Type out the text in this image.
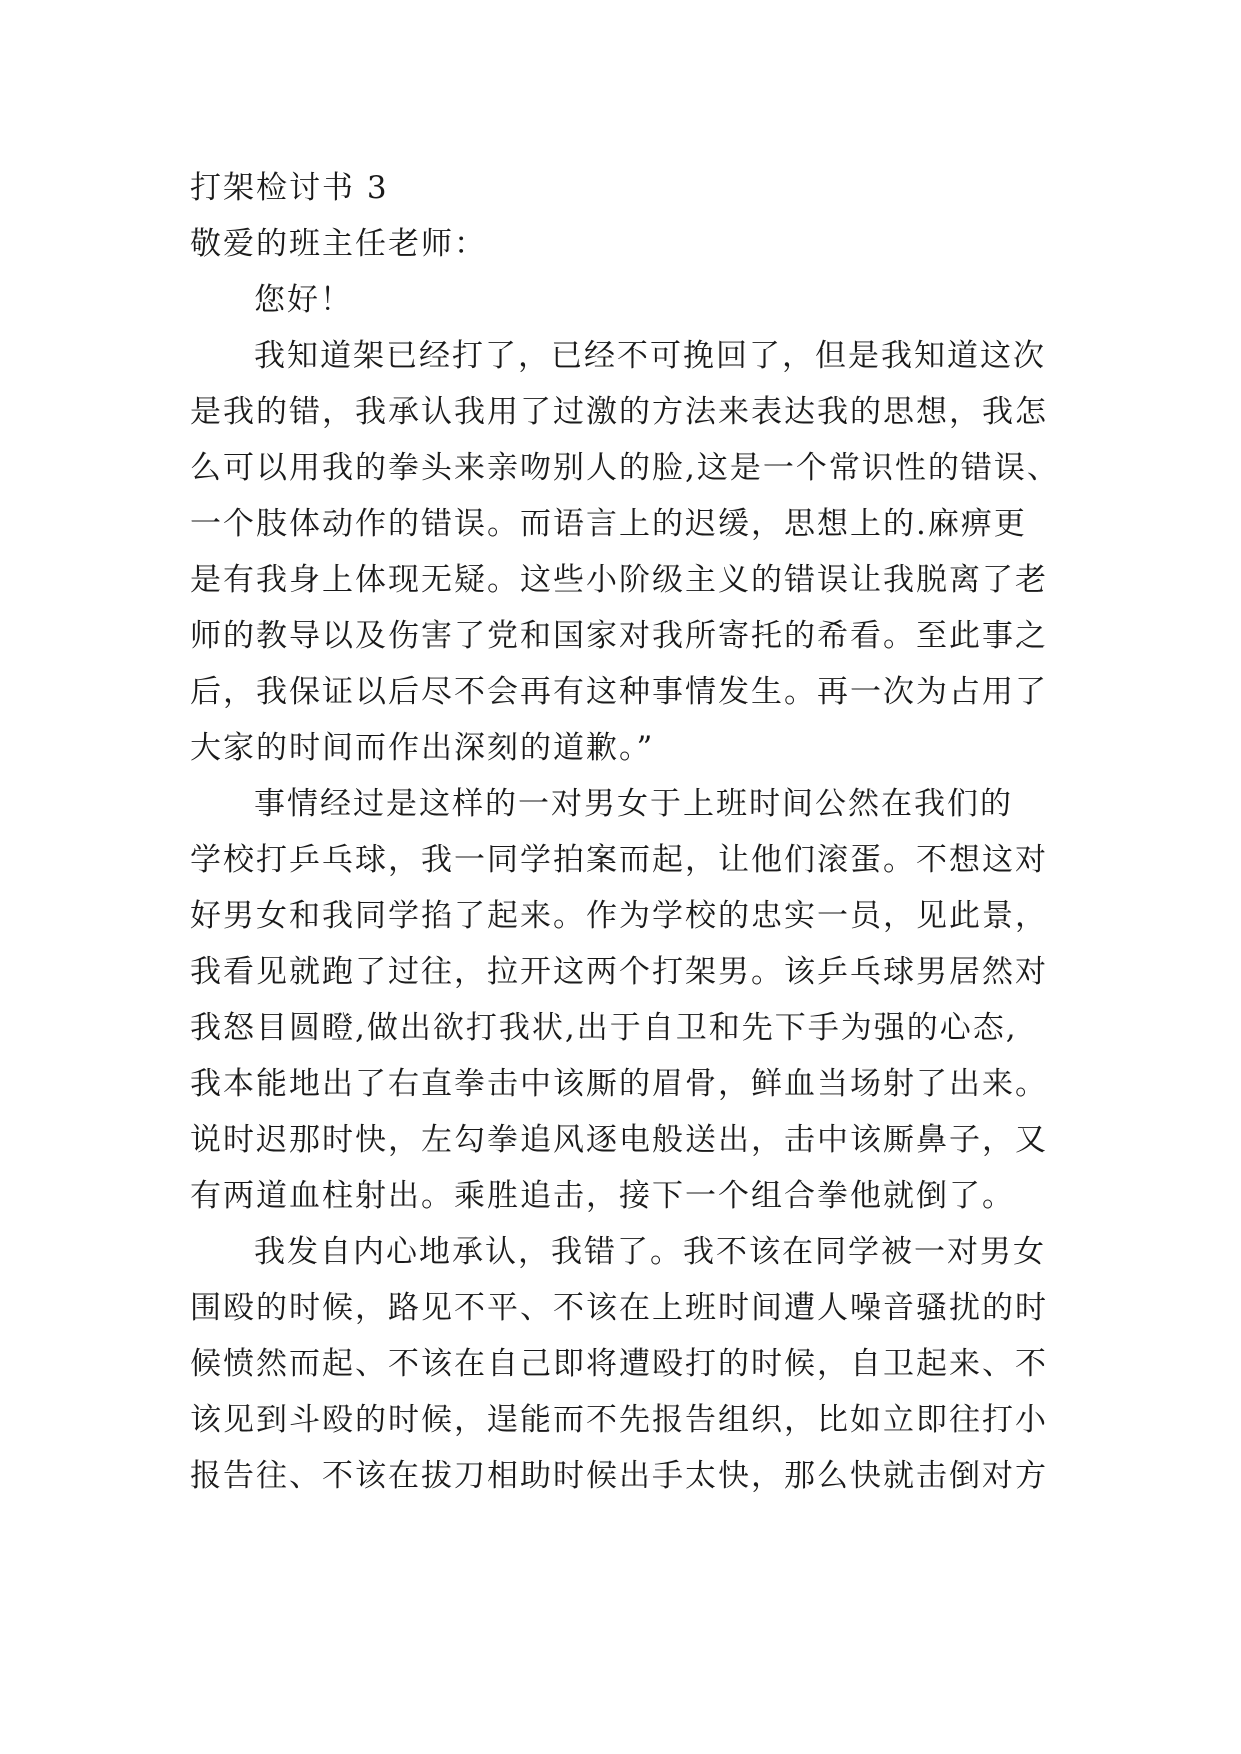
打架检讨书 3
敬爱的班主任老师：
您好！
我知道架已经打了，已经不可挽回了，但是我知道这次
是我的错，我承认我用了过激的方法来表达我的思想，我怎
么可以用我的拳头来亲吻别人的脸,这是一个常识性的错误、
一个肢体动作的错误。而语言上的迟缓，思想上的.麻痹更
是有我身上体现无疑。这些小阶级主义的错误让我脱离了老
师的教导以及伤害了党和国家对我所寄托的希看。至此事之
后，我保证以后尽不会再有这种事情发生。再一次为占用了
大家的时间而作出深刻的道歉。”
事情经过是这样的一对男女于上班时间公然在我们的
学校打乒乓球，我一同学拍案而起，让他们滚蛋。不想这对
好男女和我同学掐了起来。作为学校的忠实一员，见此景，
我看见就跑了过往，拉开这两个打架男。该乒乓球男居然对
我怒目圆瞪,做出欲打我状,出于自卫和先下手为强的心态,
我本能地出了右直拳击中该厮的眉骨，鲜血当场射了出来。
说时迟那时快，左勾拳追风逐电般送出，击中该厮鼻子，又
有两道血柱射出。乘胜追击，接下一个组合拳他就倒了。
我发自内心地承认，我错了。我不该在同学被一对男女
围殴的时候，路见不平、不该在上班时间遭人噪音骚扰的时
候愤然而起、不该在自己即将遭殴打的时候，自卫起来、不
该见到斗殴的时候，逞能而不先报告组织，比如立即往打小
报告往、不该在拔刀相助时候出手太快，那么快就击倒对方
